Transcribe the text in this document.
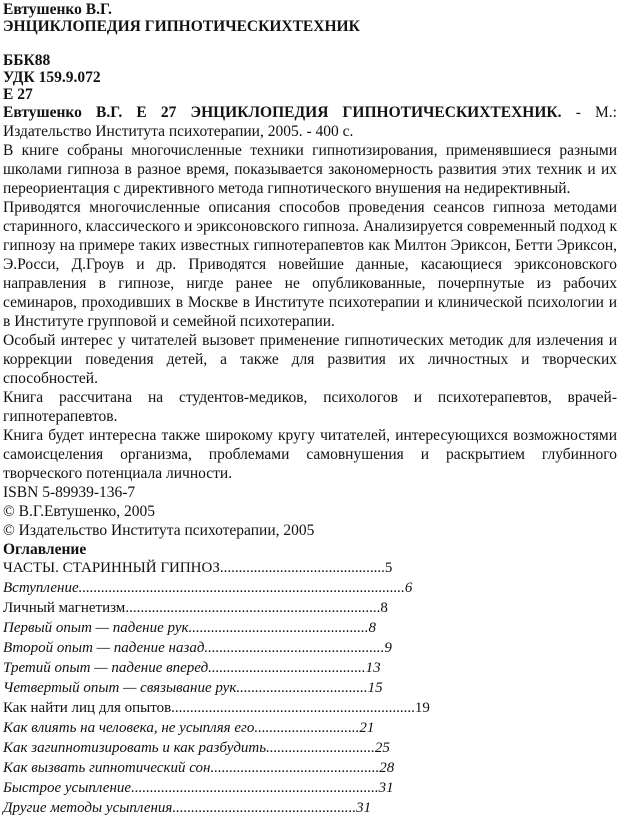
Евтушенко В.Г.
ЭНЦИКЛОПЕДИЯ ГИПНОТИЧЕСКИХТЕХНИК
ББК88
УДК 159.9.072
Е 27
Евтушенко В.Г. Е 27 ЭНЦИКЛОПЕДИЯ ГИПНОТИЧЕСКИХТЕХНИК. - М.: Издательство Института психотерапии, 2005. - 400 с.
В книге собраны многочисленные техники гипнотизирования, применявшиеся разными школами гипноза в разное время, показывается закономерность развития этих техник и их переориентация с директивного метода гипнотического внушения на недирективный.
Приводятся многочисленные описания способов проведения сеансов гипноза методами старинного, классического и эриксоновского гипноза. Анализируется современный подход к гипнозу на примере таких известных гипнотерапевтов как Милтон Эриксон, Бетти Эриксон, Э.Росси, Д.Гроув и др. Приводятся новейшие данные, касающиеся эриксоновского направления в гипнозе, нигде ранее не опубликованные, почерпнутые из рабочих семинаров, проходивших в Москве в Институте психотерапии и клинической психологии и в Институте групповой и семейной психотерапии.
Особый интерес у читателей вызовет применение гипнотических методик для излечения и коррекции поведения детей, а также для развития их личностных и творческих способностей.
Книга рассчитана на студентов-медиков, психологов и психотерапевтов, врачей-гипнотерапевтов.
Книга будет интересна также широкому кругу читателей, интересующихся возможностями самоисцеления организма, проблемами самовнушения и раскрытием глубинного творческого потенциала личности.
ISBN 5-89939-136-7
© В.Г.Евтушенко, 2005
© Издательство Института психотерапии, 2005
Оглавление
ЧАСТЫ. СТАРИННЫЙ ГИПНОЗ ............................................ 5
Вступление ....................................................................................... 6
Личный магнетизм .................................................................... 8
Первый опыт — падение рук ................................................ 8
Второй опыт — падение назад ................................................ 9
Третий опыт — падение вперед .......................................... 13
Четвертый опыт — связывание рук ................................... 15
Как найти лиц для опытов ................................................................. 19
Как влиять на человека, не усыпляя его ............................ 21
Как загипнотизировать и как разбудить ............................. 25
Как вызвать гипнотический сон ............................................. 28
Быстрое усыпление .................................................................. 31
Другие методы усыпления ................................................. 31
